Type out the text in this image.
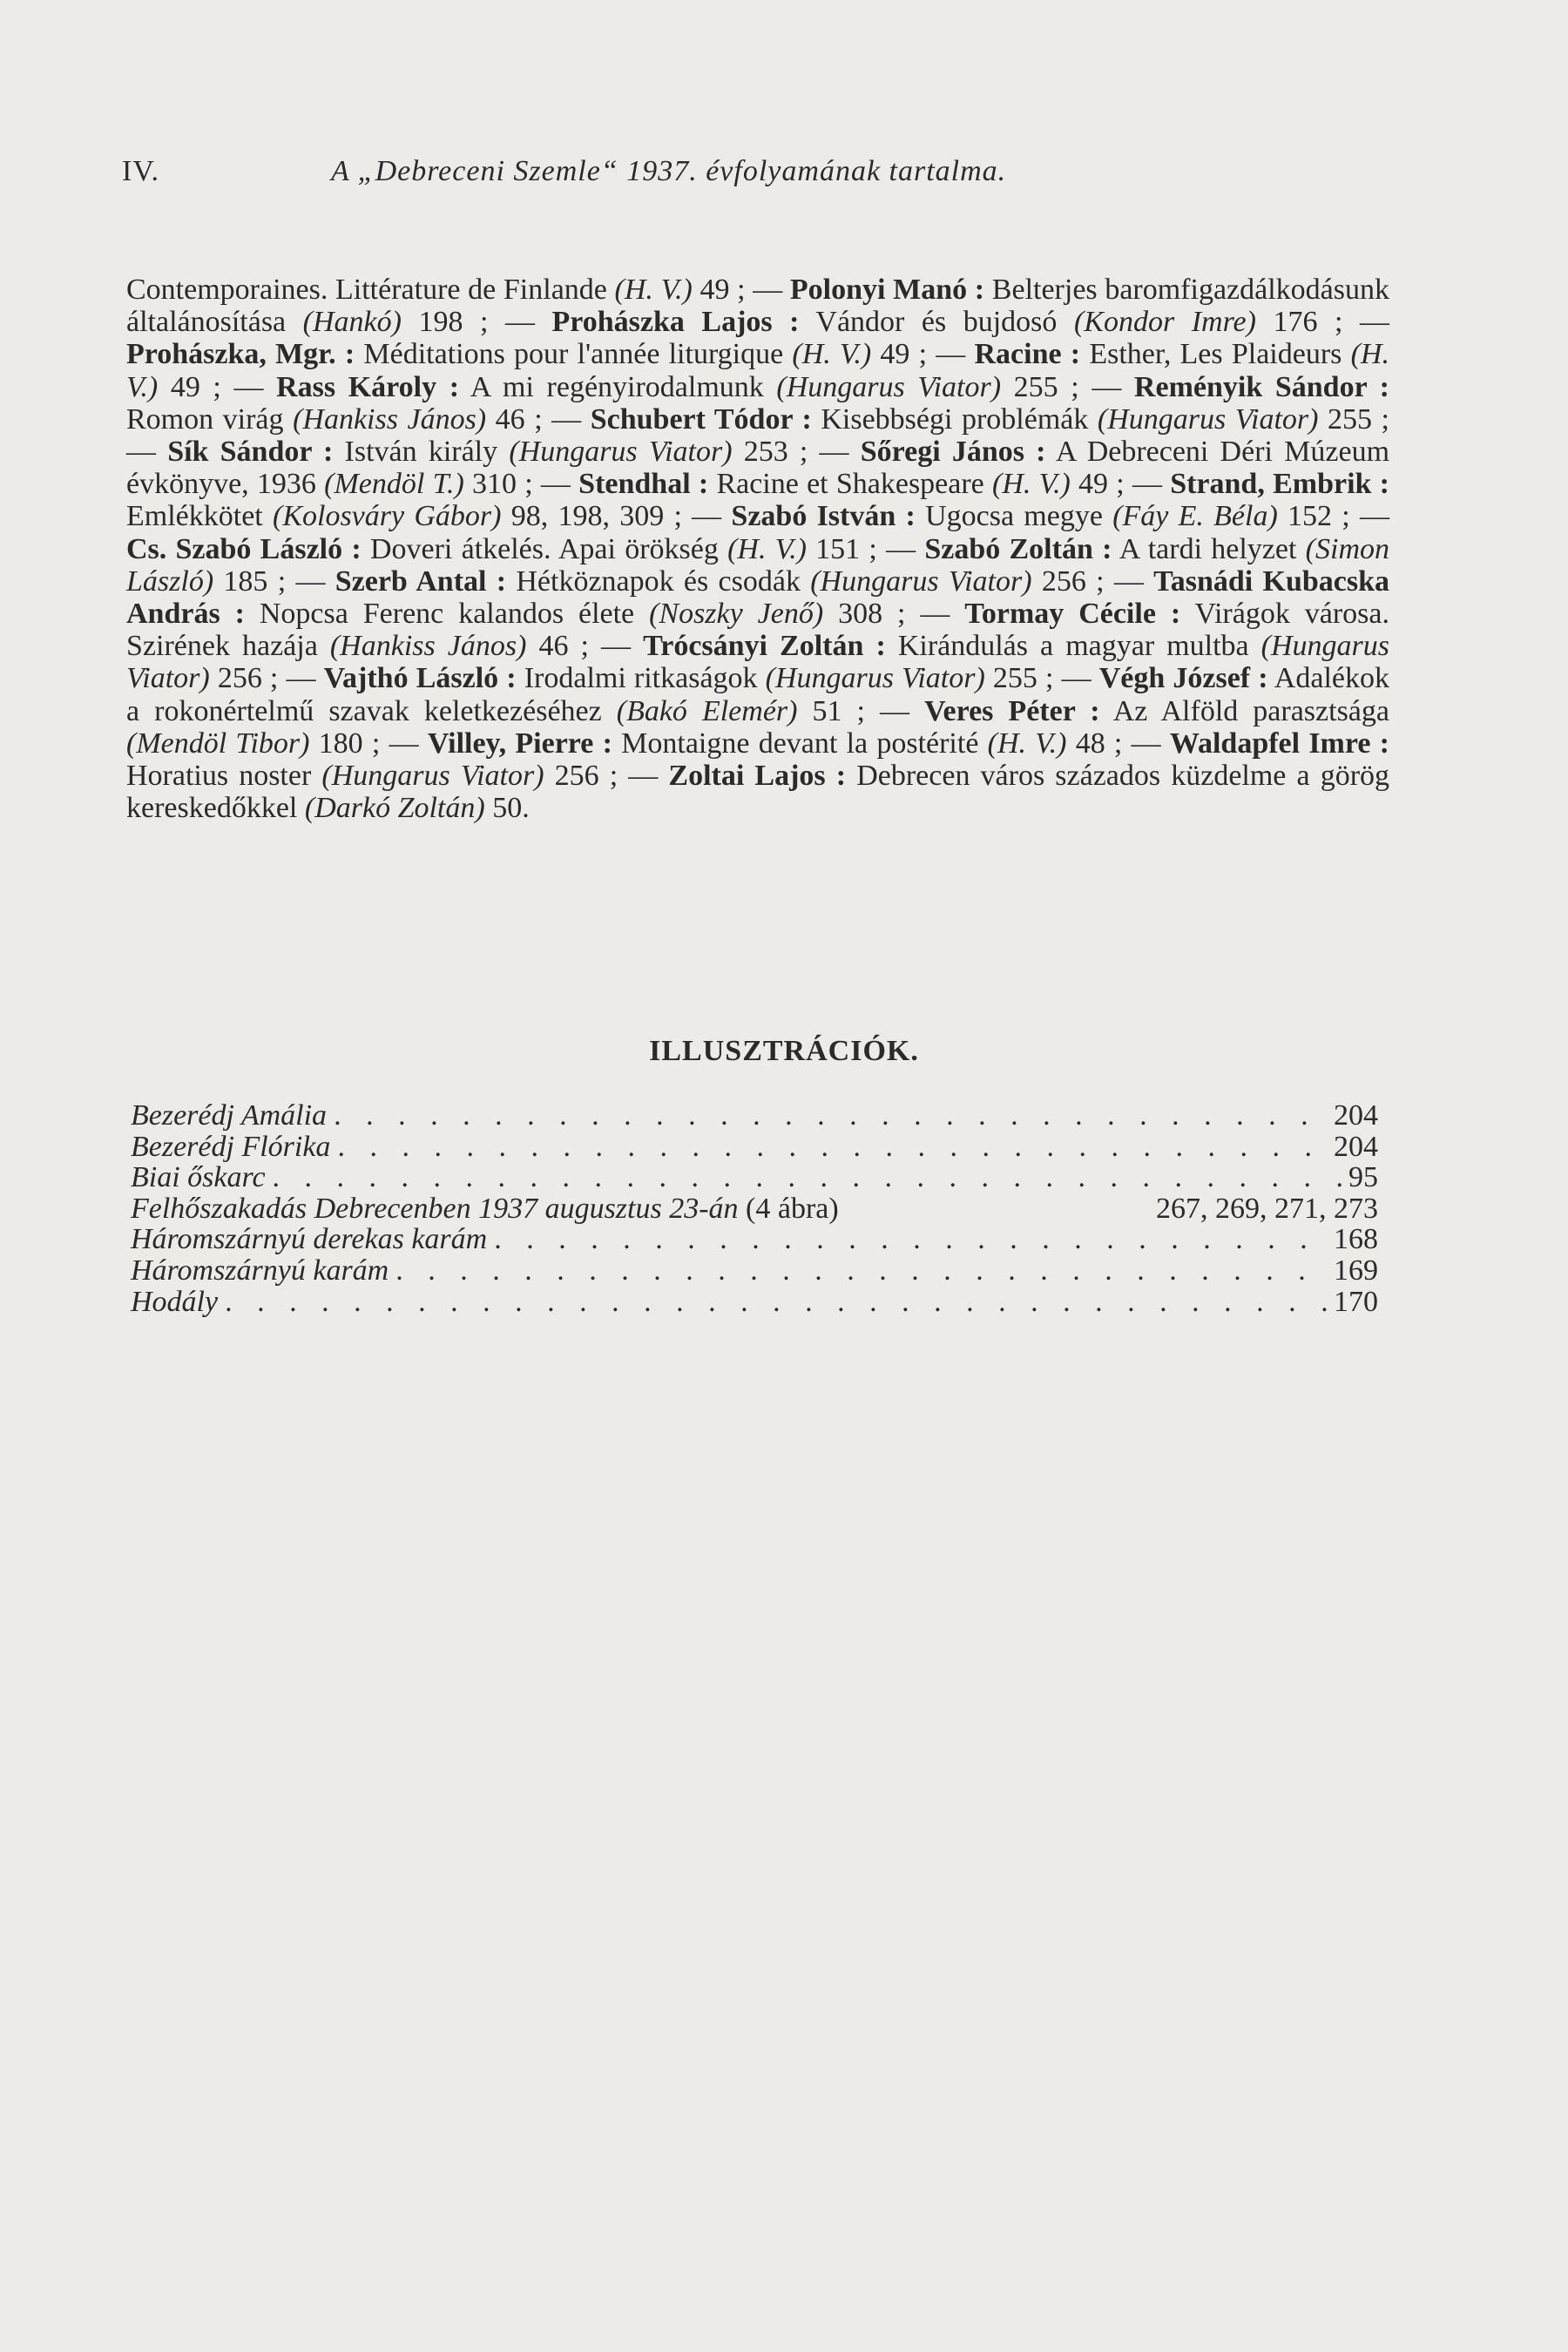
IV.	A „Debreceni Szemle“ 1937. évfolyamának tartalma.
Contemporaines. Littérature de Finlande (H. V.) 49 ; — Polonyi Manó : Belterjes baromfigazdálkodásunk általánosítása (Hankó) 198 ; — Prohászka Lajos : Vándor és bujdosó (Kondor Imre) 176 ; — Prohászka, Mgr. : Méditations pour l'année liturgique (H. V.) 49 ; — Racine : Esther, Les Plaideurs (H. V.) 49 ; — Rass Károly : A mi regényirodalmunk (Hungarus Viator) 255 ; — Reményik Sándor : Romon virág (Hankiss János) 46 ; — Schubert Tódor : Kisebbségi problémák (Hungarus Viator) 255 ; — Sík Sándor : István király (Hungarus Viator) 253 ; — Sőregi János : A Debreceni Déri Múzeum évkönyve, 1936 (Mendöl T.) 310 ; — Stendhal : Racine et Shakespeare (H. V.) 49 ; — Strand, Embrik : Emlékkötet (Kolosváry Gábor) 98, 198, 309 ; — Szabó István : Ugocsa megye (Fáy E. Béla) 152 ; — Cs. Szabó László : Doveri átkelés. Apai örökség (H. V.) 151 ; — Szabó Zoltán : A tardi helyzet (Simon László) 185 ; — Szerb Antal : Hétköznapok és csodák (Hungarus Viator) 256 ; — Tasnádi Kubacska András : Nopcsa Ferenc kalandos élete (Noszky Jenő) 308 ; — Tormay Cécile : Virágok városa. Szirének hazája (Hankiss János) 46 ; — Trócsányi Zoltán : Kirándulás a magyar multba (Hungarus Viator) 256 ; — Vajthó László : Irodalmi ritkaságok (Hungarus Viator) 255 ; — Végh József : Adalékok a rokonértelmű szavak keletkezéséhez (Bakó Elemér) 51 ; — Veres Péter : Az Alföld parasztsága (Mendöl Tibor) 180 ; — Villey, Pierre : Montaigne devant la postérité (H. V.) 48 ; — Waldapfel Imre : Horatius noster (Hungarus Viator) 256 ; — Zoltai Lajos : Debrecen város százados küzdelme a görög kereskedőkkel (Darkó Zoltán) 50.
ILLUSZTRÁCIÓK.
Bezerédj Amália . . .	204
Bezerédj Flórika . . .	204
Biai őskarc . . .	95
Felhőszakadás Debrecenben 1937 augusztus 23-án (4 ábra)	267, 269, 271, 273
Háromszárnyú derekas karám . . .	168
Háromszárnyú karám . . .	169
Hodály . . .	170
